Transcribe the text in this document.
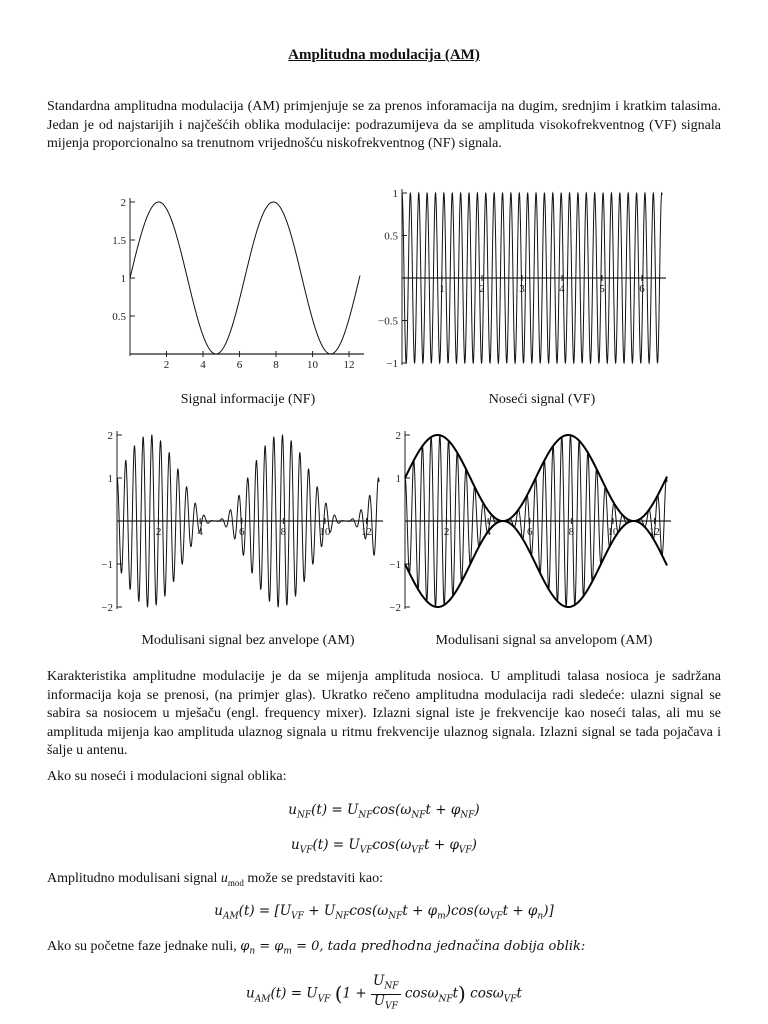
Amplitudna modulacija (AM)
Standardna amplitudna modulacija (AM) primjenjuje se za prenos inforamacija na dugim, srednjim i kratkim talasima. Jedan je od najstarijih i najčešćih oblika modulacije: podrazumijeva da se amplituda visokofrekventnog (VF) signala mijenja proporcionalno sa trenutnom vrijednošću niskofrekventnog (NF) signala.
2
1.5
1
0.5
2	4	6	8	10 12
Signal informacije (NF)
1
0.5
−0.5
−1
1	2	3	4	5	6
Noseći signal (VF)
2
1
−1
−2
2	4	6	8	10	12
Modulisani signal bez anvelope (AM)
2
1
−1
−2
2	4	6	8	10	12
Modulisani signal sa anvelopom (AM)
Karakteristika amplitudne modulacije je da se mijenja amplituda nosioca. U amplitudi talasa nosioca je sadržana informacija koja se prenosi, (na primjer glas). Ukratko rečeno amplitudna modulacija radi sledeće: ulazni signal se sabira sa nosiocem u mješaču (engl. frequency mixer). Izlazni signal iste je frekvencije kao noseći talas, ali mu se amplituda mijenja kao amplituda ulaznog signala u ritmu frekvencije ulaznog signala. Izlazni signal se tada pojačava i šalje u antenu.
Ako su noseći i modulacioni signal oblika:
$u_{NF}(t) = U_{NF}\cos(\omega_{NF}t + \varphi_{NF})$
$u_{VF}(t) = U_{VF}\cos(\omega_{VF}t + \varphi_{VF})$
Amplitudno modulisani signal $u_{mod}$ može se predstaviti kao:
$u_{AM}(t) = [U_{VF} + U_{NF}\cos(\omega_{NF}t + \varphi_m)\cos(\omega_{VF}t + \varphi_n)]$
Ako su početne faze jednake nuli, $\varphi_n = \varphi_m = 0$, tada predhodna jednačina dobija oblik:
$u_{AM}(t) = U_{VF}$ (1 +
$U_{NF}$
$U_{VF}$
cosω$_{NF}$t) cosω$_{VF}$t
